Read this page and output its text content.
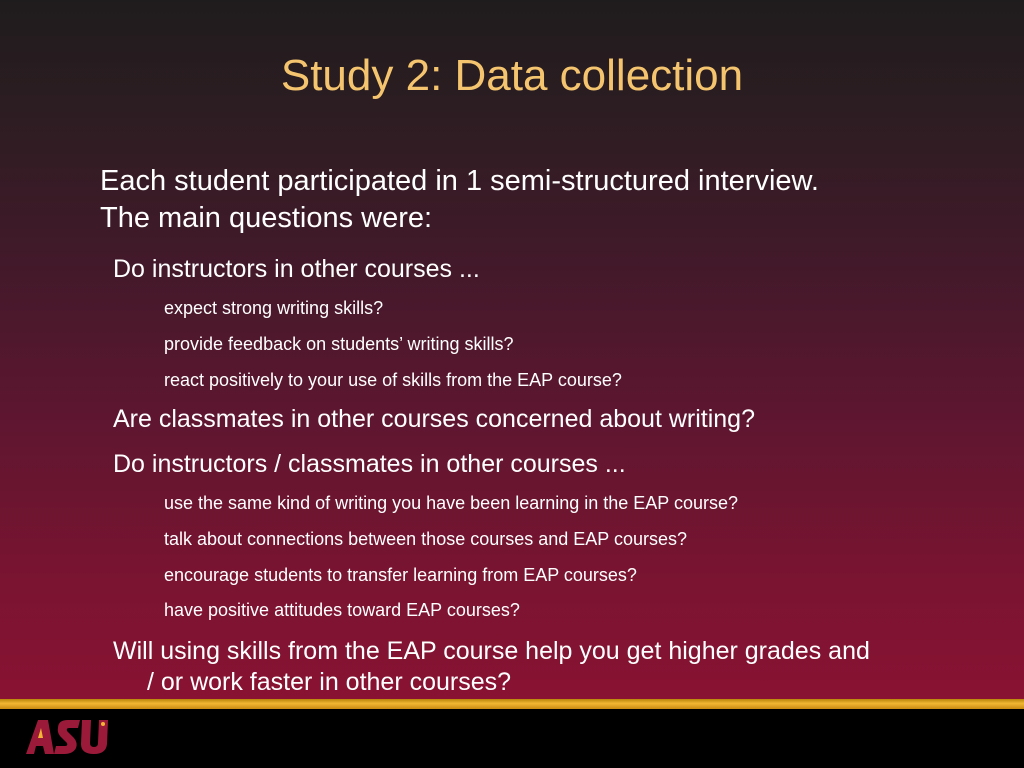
Study 2: Data collection
Each student participated in 1 semi-structured interview.
The main questions were:
Do instructors in other courses ...
expect strong writing skills?
provide feedback on students’ writing skills?
react positively to your use of skills from the EAP course?
Are classmates in other courses concerned about writing?
Do instructors / classmates in other courses ...
use the same kind of writing you have been learning in the EAP course?
talk about connections between those courses and EAP courses?
encourage students to transfer learning from EAP courses?
have positive attitudes toward EAP courses?
Will using skills from the EAP course help you get higher grades and
/ or work faster in other courses?
